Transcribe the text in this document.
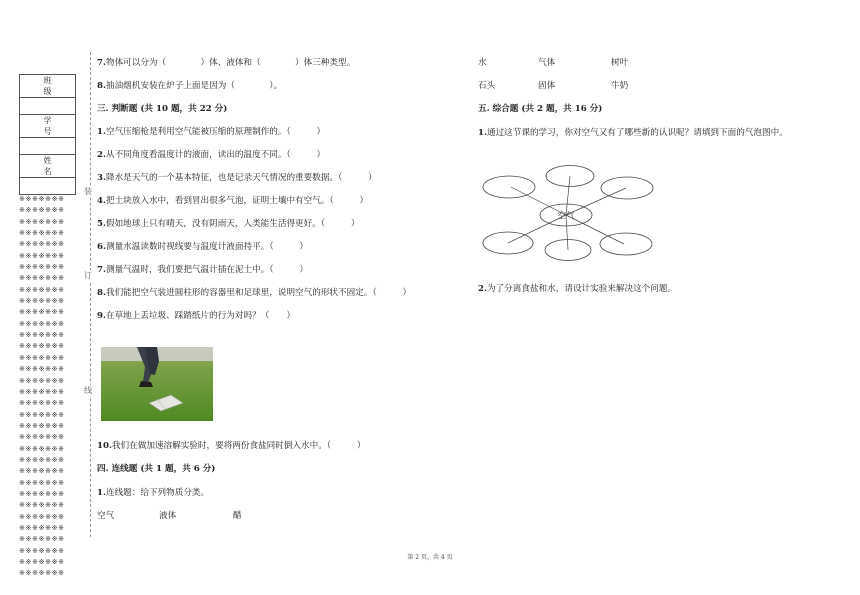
班　级

学　号

姓　名

※※※※※※※
※※※※※※※
※※※※※※※
※※※※※※※
※※※※※※※
※※※※※※※
※※※※※※※
※※※※※※※
※※※※※※※
※※※※※※※
※※※※※※※
※※※※※※※
※※※※※※※
※※※※※※※
※※※※※※※
※※※※※※※
※※※※※※※
※※※※※※※
※※※※※※※
※※※※※※※
※※※※※※※
※※※※※※※
※※※※※※※
※※※※※※※
※※※※※※※
※※※※※※※
※※※※※※※
※※※※※※※
※※※※※※※
※※※※※※※
※※※※※※※
※※※※※※※
※※※※※※※
※※※※※※※
装
订
线
7.物体可以分为（　　　　）体、液体和（　　　　）体三种类型。
8.抽油烟机安装在炉子上面是因为（　　　　）。
三. 判断题 (共 10 题，共 22 分)
1.空气压缩枪是利用空气能被压缩的原理制作的。（　　　）
2.从不同角度看温度计的液面，读出的温度不同。（　　　）
3.降水是天气的一个基本特征，也是记录天气情况的重要数据。（　　　）
4.把土块放入水中，看到冒出很多气泡，证明土壤中有空气。（　　　）
5.假如地球上只有晴天，没有阴雨天，人类能生活得更好。（　　　）
6.测量水温读数时视线要与温度计液面持平。（　　　）
7.测量气温时，我们要把气温计插在泥土中。（　　　）
8.我们能把空气装进圆柱形的容器里和足球里，说明空气的形状不固定。（　　　）
9.在草地上丢垃圾、踩踏纸片的行为对吗？（　　）
10.我们在做加速溶解实验时，要将两份食盐同时倒入水中。（　　　）
四. 连线题 (共 1 题，共 6 分)
1.连线题：给下列物质分类。
空气	液体	醋
水	气体	树叶
石头	固体	牛奶
五. 综合题 (共 2 题，共 16 分)
1.通过这节课的学习，你对空气又有了哪些新的认识呢？请填到下面的气泡图中。
空气
2.为了分离食盐和水，请设计实验来解决这个问题。
第 2 页，共 4 页
